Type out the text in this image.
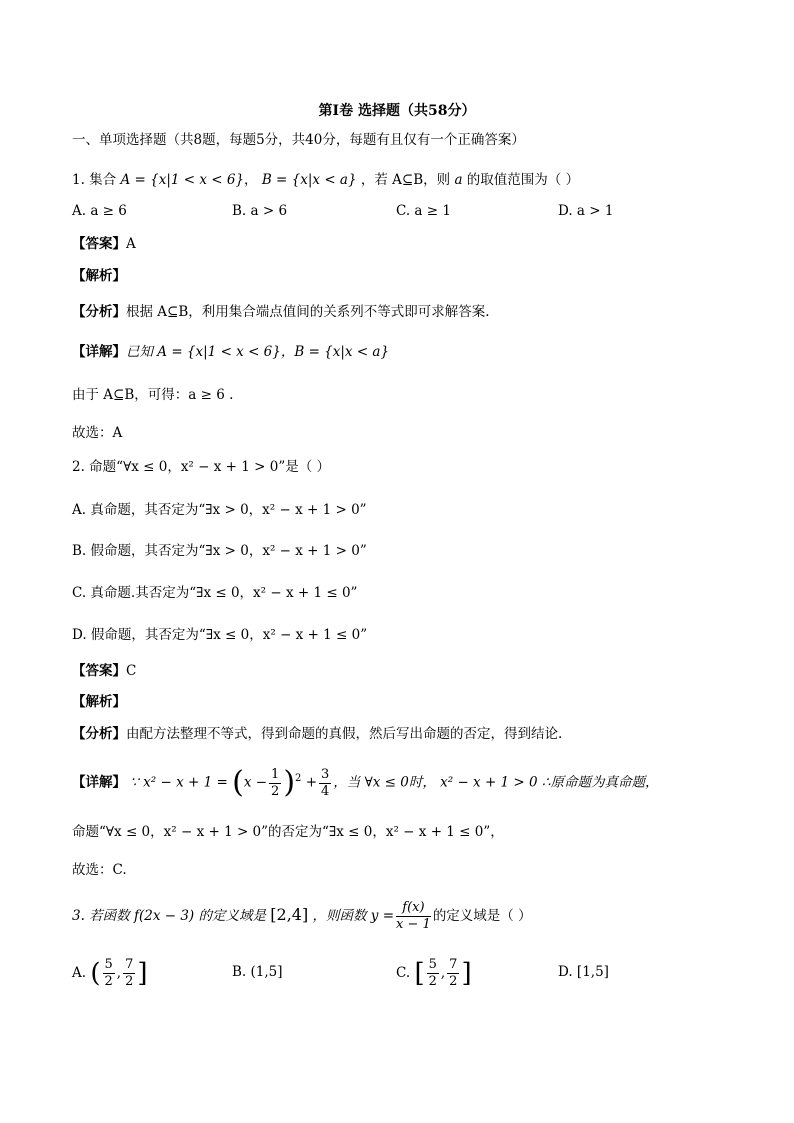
第Ⅰ卷 选择题（共58分）
一、单项选择题（共8题，每题5分，共40分，每题有且仅有一个正确答案）
1. 集合 A = {x|1 < x < 6}， B = {x|x < a} ，若 A⊆B，则 a 的取值范围为（ ）
A. a ≥ 6	B. a > 6	C. a ≥ 1	D. a > 1
【答案】A
【解析】
【分析】根据 A⊆B，利用集合端点值间的关系列不等式即可求解答案.
【详解】已知 A = {x|1 < x < 6}，B = {x|x < a}
由于 A⊆B，可得：a ≥ 6 .
故选：A
2. 命题“∀x ≤ 0，x² − x + 1 > 0”是（ ）
A. 真命题，其否定为“∃x > 0，x² − x + 1 > 0”
B. 假命题，其否定为“∃x > 0，x² − x + 1 > 0”
C. 真命题.其否定为“∃x ≤ 0，x² − x + 1 ≤ 0”
D. 假命题，其否定为“∃x ≤ 0，x² − x + 1 ≤ 0”
【答案】C
【解析】
【分析】由配方法整理不等式，得到命题的真假，然后写出命题的否定，得到结论.
【详解】 ∵ $x^2 - x + 1 = (x - \frac{1}{2} )^2 + \frac{3}{4}$ ，当 ∀x ≤ 0时， x² − x + 1 > 0 ∴原命题为真命题，
命题“∀x ≤ 0，x² − x + 1 > 0”的否定为“∃x ≤ 0，x² − x + 1 ≤ 0”，
故选：C.
3. 若函数 f(2x − 3) 的定义域是 [2,4] ，则函数 $y = \frac{f(x)}{x - 1}$ 的定义域是（ ）
A. ( $\frac{5}{2}$ , $\frac{7}{2}$ ]	B. (1,5]	C. [ $\frac{5}{2}$ , $\frac{7}{2}$ ]	D. [1,5]
